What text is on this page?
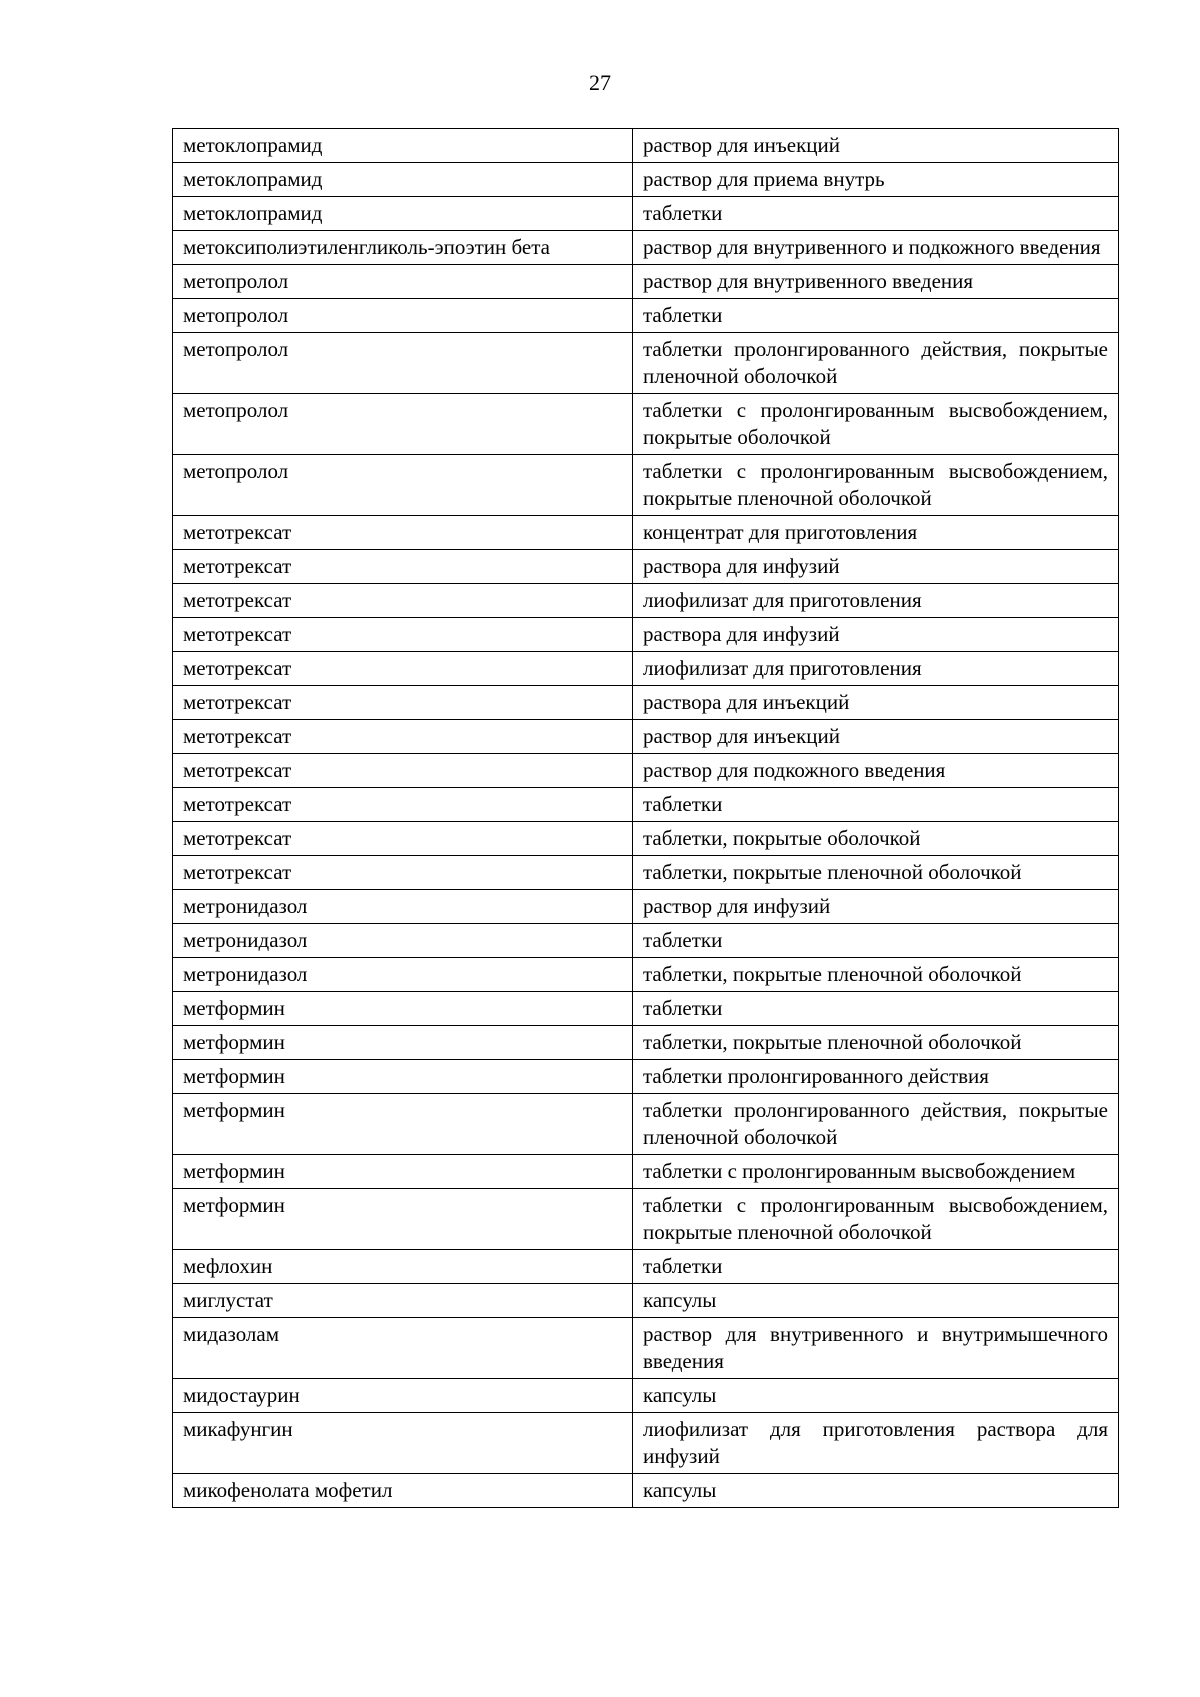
27
метоклопрамид	раствор для инъекций
метоклопрамид	раствор для приема внутрь
метоклопрамид	таблетки
метоксиполиэтиленгликоль-эпоэтин бета	раствор для внутривенного и подкожного введения
метопролол	раствор для внутривенного введения
метопролол	таблетки
метопролол	таблетки пролонгированного действия, покрытые пленочной оболочкой
метопролол	таблетки с пролонгированным высвобождением, покрытые оболочкой
метопролол	таблетки с пролонгированным высвобождением, покрытые пленочной оболочкой
метотрексат	концентрат для приготовления
метотрексат	раствора для инфузий
метотрексат	лиофилизат для приготовления
метотрексат	раствора для инфузий
метотрексат	лиофилизат для приготовления
метотрексат	раствора для инъекций
метотрексат	раствор для инъекций
метотрексат	раствор для подкожного введения
метотрексат	таблетки
метотрексат	таблетки, покрытые оболочкой
метотрексат	таблетки, покрытые пленочной оболочкой
метронидазол	раствор для инфузий
метронидазол	таблетки
метронидазол	таблетки, покрытые пленочной оболочкой
метформин	таблетки
метформин	таблетки, покрытые пленочной оболочкой
метформин	таблетки пролонгированного действия
метформин	таблетки пролонгированного действия, покрытые пленочной оболочкой
метформин	таблетки с пролонгированным высвобождением
метформин	таблетки с пролонгированным высвобождением, покрытые пленочной оболочкой
мефлохин	таблетки
миглустат	капсулы
мидазолам	раствор для внутривенного и внутримышечного введения
мидостаурин	капсулы
микафунгин	лиофилизат для приготовления раствора для инфузий
микофенолата мофетил	капсулы
